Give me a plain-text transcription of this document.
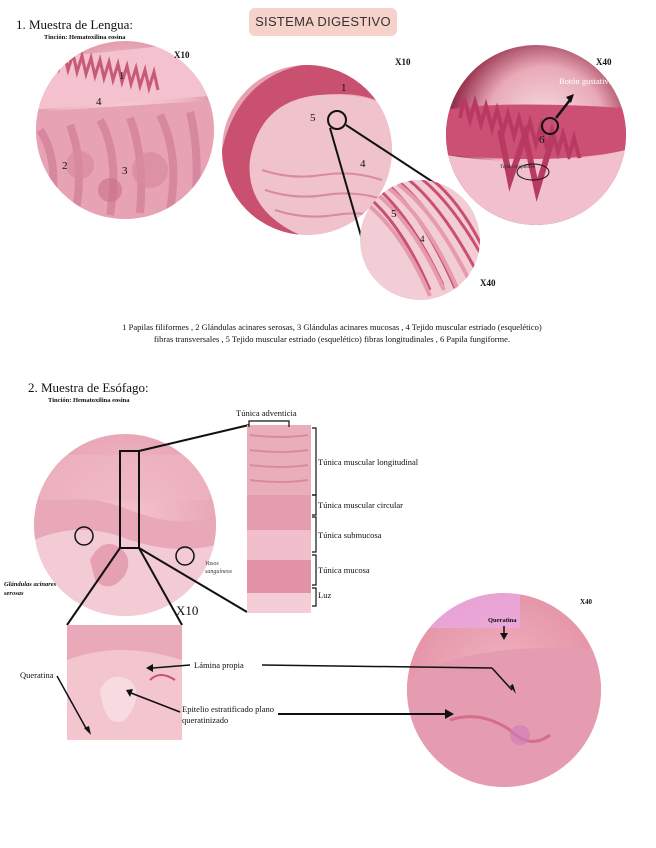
SISTEMA DIGESTIVO
1. Muestra de Lengua:
Tinción: Hematoxilina eosina
X10
X10	X40
X40
1
4
2	3
1
5
4
5
4
Botón gustativo
6
Tejido conjuntivo
1 Papilas filiformes , 2 Glándulas acinares serosas, 3 Glándulas acinares mucosas , 4 Tejido muscular estriado (esquelético) fibras transversales , 5 Tejido muscular estriado (esquelético) fibras longitudinales , 6 Papila fungiforme.
2. Muestra de Esófago:
Tinción: Hematoxilina eosina
Túnica adventicia
Túnica muscular longitudinal
Túnica muscular circular
Túnica submucosa
Túnica mucosa
Luz
Glándulas acinares serosas
Vasos sanguíneos
X10
X40
Queratina
Lámina propia
Epitelio estratificado plano queratinizado
Queratina
